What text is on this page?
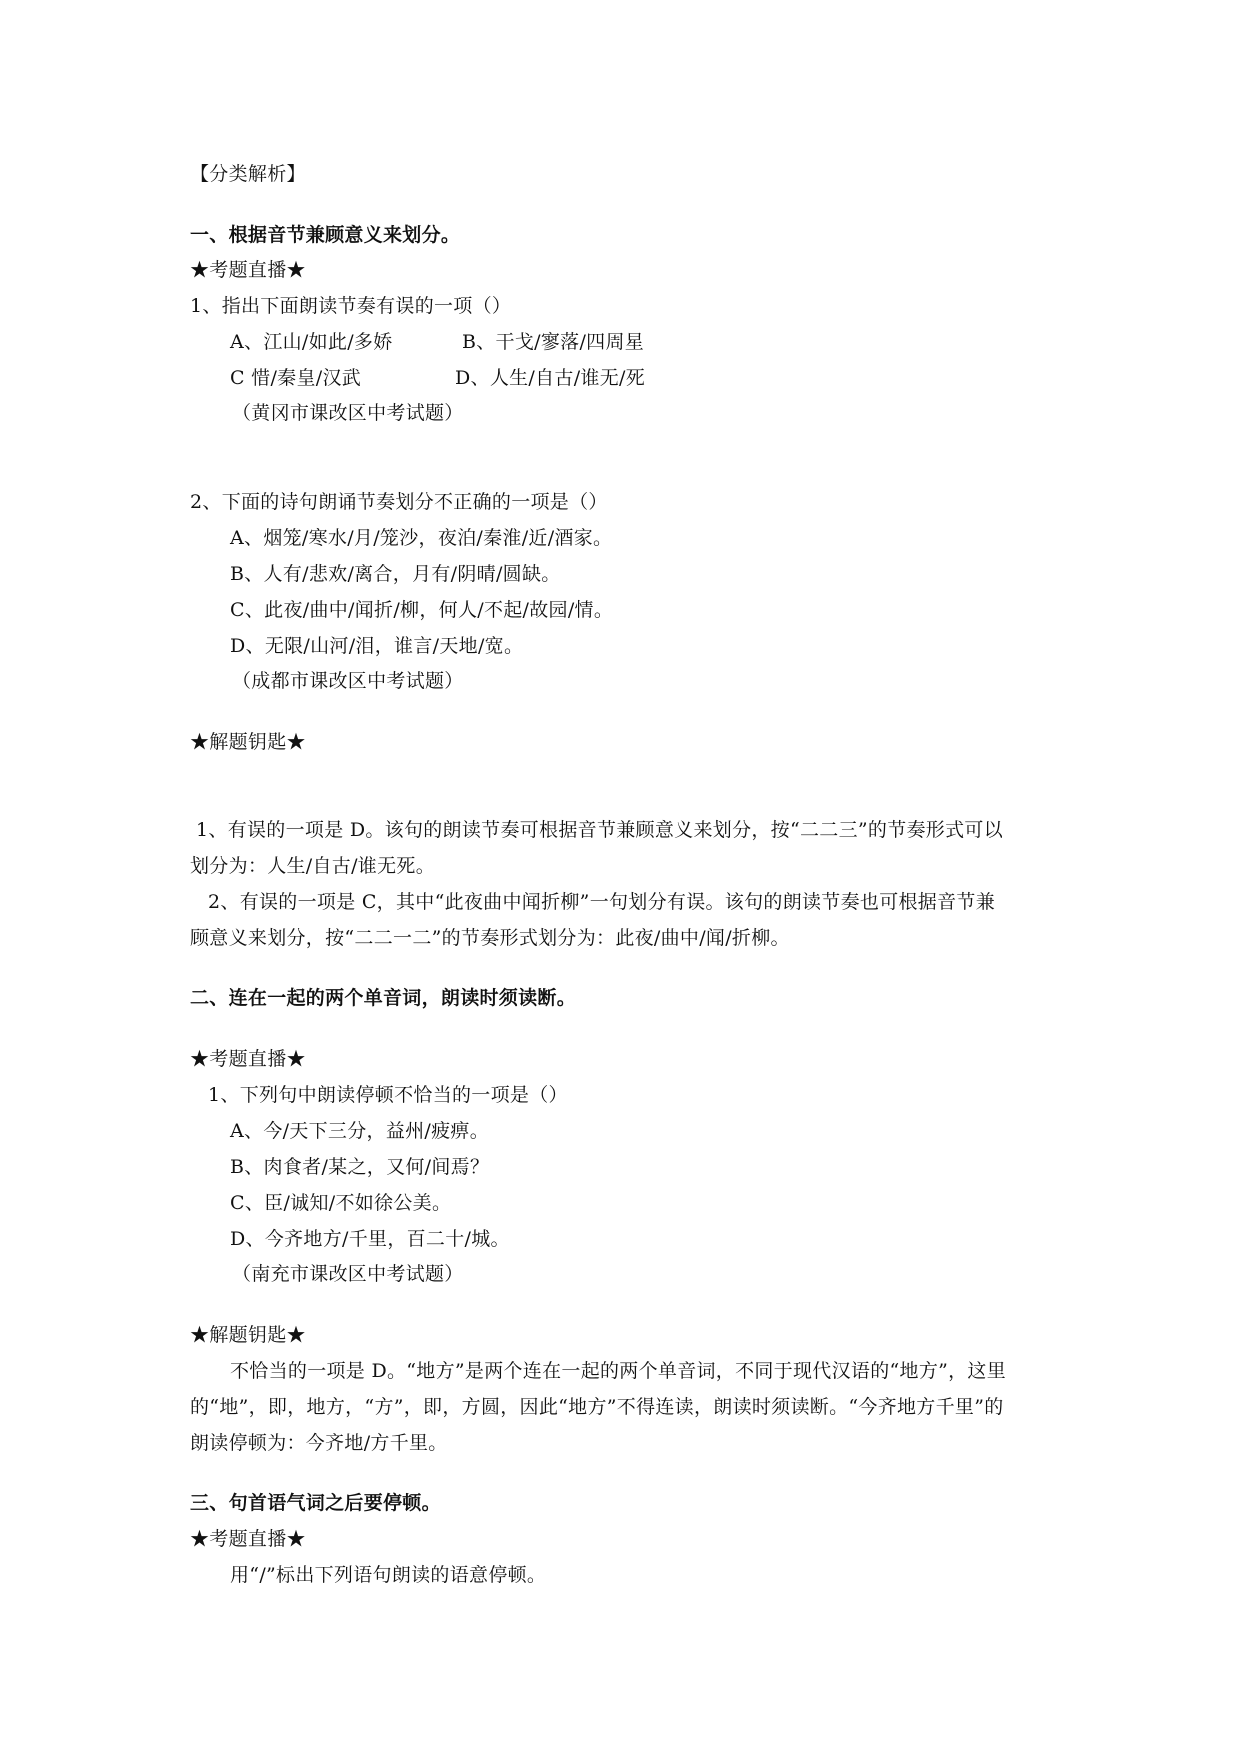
【分类解析】
一、根据音节兼顾意义来划分。
★考题直播★
1、指出下面朗读节奏有误的一项（）
A、江山/如此/多娇	B、干戈/寥落/四周星
C 惜/秦皇/汉武	D、人生/自古/谁无/死
（黄冈市课改区中考试题）
2、下面的诗句朗诵节奏划分不正确的一项是（）
A、烟笼/寒水/月/笼沙，夜泊/秦淮/近/酒家。
B、人有/悲欢/离合，月有/阴晴/圆缺。
C、此夜/曲中/闻折/柳，何人/不起/故园/情。
D、无限/山河/泪，谁言/天地/宽。
（成都市课改区中考试题）
★解题钥匙★
1、有误的一项是 D。该句的朗读节奏可根据音节兼顾意义来划分，按“二二三”的节奏形式可以
划分为：人生/自古/谁无死。
2、有误的一项是 C，其中“此夜曲中闻折柳”一句划分有误。该句的朗读节奏也可根据音节兼
顾意义来划分，按“二二一二”的节奏形式划分为：此夜/曲中/闻/折柳。
二、连在一起的两个单音词，朗读时须读断。
★考题直播★
1、下列句中朗读停顿不恰当的一项是（）
A、今/天下三分，益州/疲痹。
B、肉食者/某之，又何/间焉？
C、臣/诚知/不如徐公美。
D、今齐地方/千里，百二十/城。
（南充市课改区中考试题）
★解题钥匙★
不恰当的一项是 D。“地方”是两个连在一起的两个单音词，不同于现代汉语的“地方”，这里
的“地”，即，地方，“方”，即，方圆，因此“地方”不得连读，朗读时须读断。“今齐地方千里”的
朗读停顿为：今齐地/方千里。
三、句首语气词之后要停顿。
★考题直播★
用“/”标出下列语句朗读的语意停顿。
